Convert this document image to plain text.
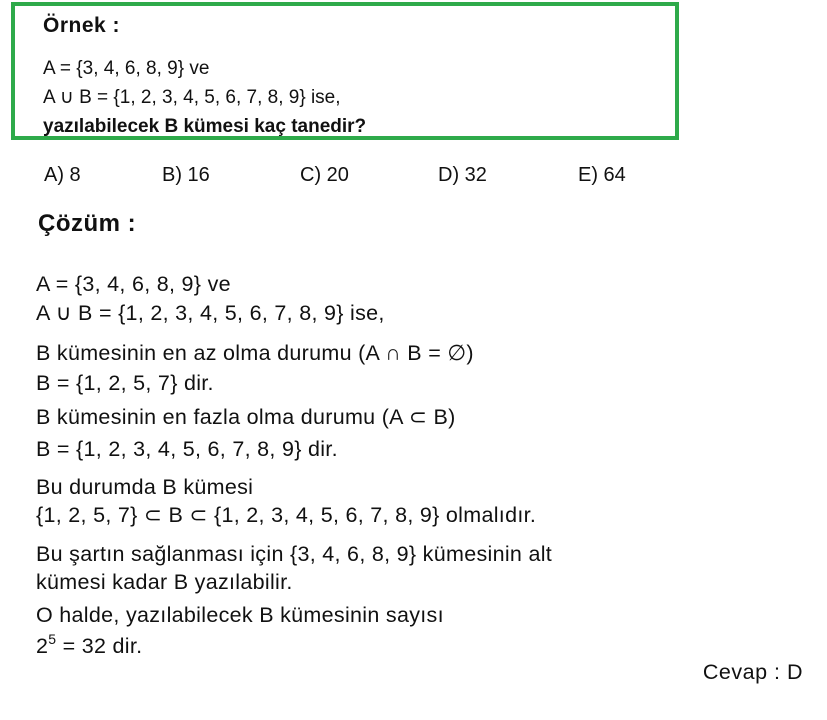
Örnek :
A = {3, 4, 6, 8, 9} ve
A ∪ B = {1, 2, 3, 4, 5, 6, 7, 8, 9} ise,
yazılabilecek B kümesi kaç tanedir?
A) 8	B) 16	C) 20	D) 32	E) 64
Çözüm :
A = {3, 4, 6, 8, 9} ve
A ∪ B = {1, 2, 3, 4, 5, 6, 7, 8, 9} ise,
B kümesinin en az olma durumu (A ∩ B = ∅)
B = {1, 2, 5, 7} dir.
B kümesinin en fazla olma durumu (A ⊂ B)
B = {1, 2, 3, 4, 5, 6, 7, 8, 9} dir.
Bu durumda B kümesi
{1, 2, 5, 7} ⊂ B ⊂ {1, 2, 3, 4, 5, 6, 7, 8, 9} olmalıdır.
Bu şartın sağlanması için {3, 4, 6, 8, 9} kümesinin alt
kümesi kadar B yazılabilir.
O halde, yazılabilecek B kümesinin sayısı
$2^5 = 32$ dir.
Cevap : D
